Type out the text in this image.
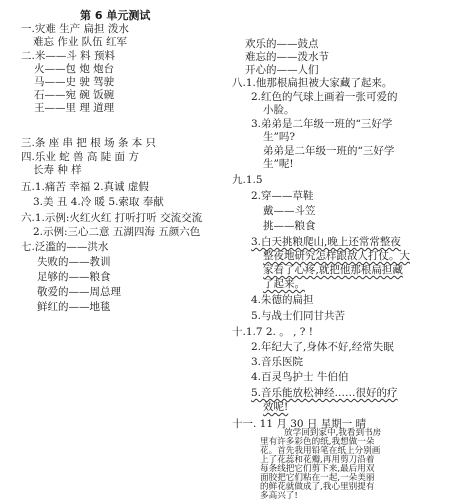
第 6 单元测试
一.灾难 生产 扁担 泼水
难忘 作业 队伍 红军
二.米——斗 料 预料
火——包 炮 炮台
马——史 驶 驾驶
石——宛 碗 饭碗
王——里 理 道理
三.条 座 串 把 根 场 条 本 只
四.乐业 蛇 兽 高 陡 面 方
长寿 种 样
五.1.痛苦 幸福 2.真诚 虚假
3.美 丑 4.冷 暖 5.索取 奉献
六.1.示例:火红火红 打听打听 交流交流
2.示例:三心二意 五湖四海 五颜六色
七.泛滥的——洪水
失败的——教训
足够的——粮食
敬爱的——周总理
鲜红的——地毯
欢乐的——鼓点
难忘的——泼水节
开心的——人们
八.1.他那根扁担被大家藏了起来。
2.红色的气球上画着一张可爱的
小脸。
3.弟弟是二年级一班的“三好学
生”吗?
弟弟是二年级一班的“三好学
生”呢!
九.1.5
2.穿——草鞋
戴——斗笠
挑——粮食
3.白天挑粮爬山,晚上还常常整夜
整夜地研究怎样跟敌人打仗。大
家看了心疼,就把他那根扁担藏
了起来。
4.朱德的扁担
5.与战士们同甘共苦
十.1.7 2. 。 , ? !
2.年纪大了,身体不好,经常失眠
3.音乐医院
4.百灵鸟护士 牛伯伯
5.音乐能放松神经……很好的疗
效呢!
十一. 11 月 30 日 星期一 晴
放学回到家中,我看到书房
里有许多彩色的纸,我想做一朵
花。首先我用铅笔在纸上分别画
上了花蕊和花瓣,再用剪刀沿着
每条线把它们剪下来,最后用双
面胶把它们粘在一起,一朵美丽
的鲜花就做成了,我心里别提有
多高兴了!
